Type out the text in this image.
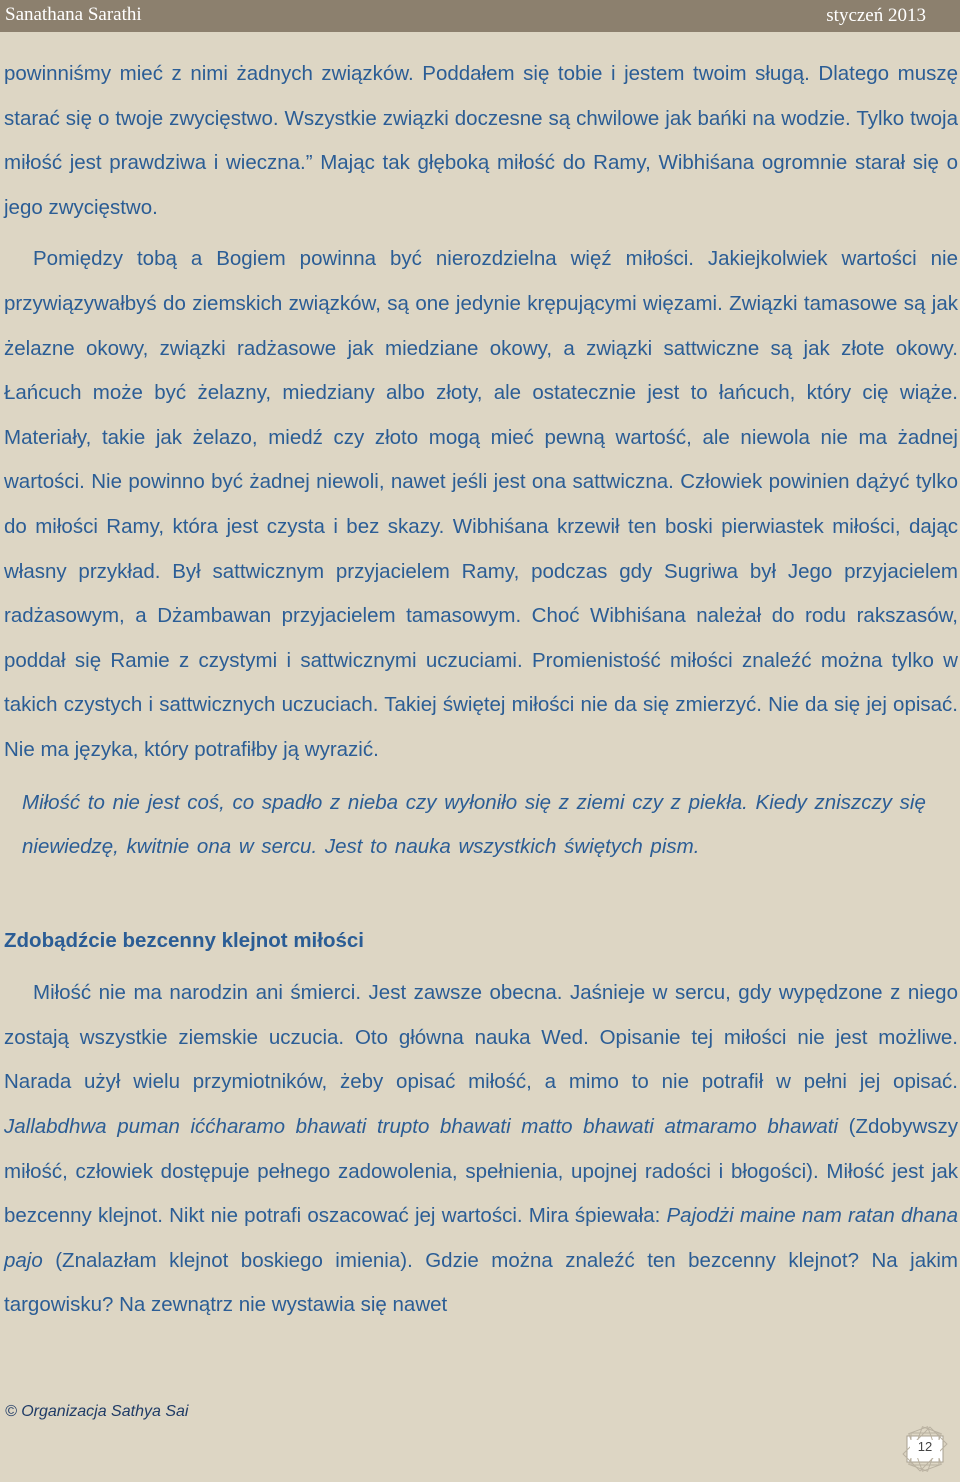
Sanathana Sarathi	styczeń 2013

powinniśmy mieć z nimi żadnych związków. Poddałem się tobie i jestem twoim sługą. Dlatego muszę starać się o twoje zwycięstwo. Wszystkie związki doczesne są chwilowe jak bańki na wodzie. Tylko twoja miłość jest prawdziwa i wieczna.” Mając tak głęboką miłość do Ramy, Wibhiśana ogromnie starał się o jego zwycięstwo.

Pomiędzy tobą a Bogiem powinna być nierozdzielna więź miłości. Jakiejkolwiek wartości nie przywiązywałbyś do ziemskich związków, są one jedynie krępującymi więzami. Związki tamasowe są jak żelazne okowy, związki radżasowe jak miedziane okowy, a związki sattwiczne są jak złote okowy. Łańcuch może być żelazny, miedziany albo złoty, ale ostatecznie jest to łańcuch, który cię wiąże. Materiały, takie jak żelazo, miedź czy złoto mogą mieć pewną wartość, ale niewola nie ma żadnej wartości. Nie powinno być żadnej niewoli, nawet jeśli jest ona sattwiczna. Człowiek powinien dążyć tylko do miłości Ramy, która jest czysta i bez skazy. Wibhiśana krzewił ten boski pierwiastek miłości, dając własny przykład. Był sattwicznym przyjacielem Ramy, podczas gdy Sugriwa był Jego przyjacielem radżasowym, a Dżambawan przyjacielem tamasowym. Choć Wibhiśana należał do rodu rakszasów, poddał się Ramie z czystymi i sattwicznymi uczuciami. Promienistość miłości znaleźć można tylko w takich czystych i sattwicznych uczuciach. Takiej świętej miłości nie da się zmierzyć. Nie da się jej opisać. Nie ma języka, który potrafiłby ją wyrazić.

Miłość to nie jest coś, co spadło z nieba czy wyłoniło się z ziemi czy z piekła. Kiedy zniszczy się
niewiedzę, kwitnie ona w sercu. Jest to nauka wszystkich świętych pism.

Zdobądźcie bezcenny klejnot miłości

Miłość nie ma narodzin ani śmierci. Jest zawsze obecna. Jaśnieje w sercu, gdy wypędzone z niego zostają wszystkie ziemskie uczucia. Oto główna nauka Wed. Opisanie tej miłości nie jest możliwe. Narada użył wielu przymiotników, żeby opisać miłość, a mimo to nie potrafił w pełni jej opisać. Jallabdhwa puman iććharamo bhawati trupto bhawati matto bhawati atmaramo bhawati (Zdobywszy miłość, człowiek dostępuje pełnego zadowolenia, spełnienia, upojnej radości i błogości). Miłość jest jak bezcenny klejnot. Nikt nie potrafi oszacować jej wartości. Mira śpiewała: Pajodżi maine nam ratan dhana pajo (Znalazłam klejnot boskiego imienia). Gdzie można znaleźć ten bezcenny klejnot? Na jakim targowisku? Na zewnątrz nie wystawia się nawet

© Organizacja Sathya Sai
12
